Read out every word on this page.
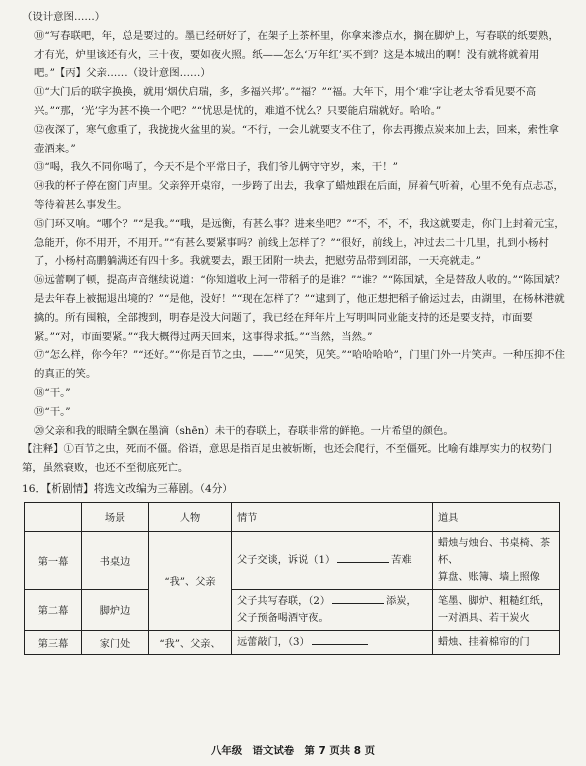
（设计意图……）

⑩“写春联吧，年，总是要过的。墨已经研好了，在架子上茶杯里，你拿来渗点水，搁在脚炉上，写春联的纸要熟，才有光，炉里该还有火，三十夜，要如夜火照。纸——怎么‘万年红’买不到？这是本城出的啊！没有就将就着用吧。”【丙】父亲……（设计意图……）

⑪“大门后的联字换换，就用‘烟伏启瑞，多，多福兴邦’。”“福？”“福。大年下，用个‘难’字让老太爷看见要不高兴。”“那，‘光’字为甚不换一个吧？”“忧思是忧的，难道不忧么？只要能启瑞就好。哈哈。”

⑫夜深了，寒气愈重了，我拢拢火盆里的炭。“不行，一会儿就要支不住了，你去再搬点炭来加上去，回来，索性拿壶酒来。”

⑬“喝，我久不同你喝了，今天不是个平常日子，我们爷儿俩守守岁，来，干！”

⑭我的杯子停在窗门声里。父亲猝开桌帘，一步跨了出去，我拿了蜡烛跟在后面，屏着气听着，心里不免有点忐忑，等待着甚么事发生。

⑮门环又响。“哪个？”“是我。”“哦，是远衡，有甚么事？进来坐吧？”“不，不，不，我这就要走，你门上封着元宝，急能开，你不用开，不用开。”“有甚么要紧事吗？前线上怎样了？”“很好，前线上，冲过去二十几里，扎到小杨村了，小杨村高鹏躺满还有四十多。我就要去，跟王团附一块去，把慰劳品带到团部，一天亮就走。”

⑯远蕾啊了顿，提高声音继续说道：“你知道收上河一带稻子的是谁？”“谁？”“陈国斌，全是替敌人收的。”“陈国斌？是去年春上被掘退出境的？”“是他，没好！”“现在怎样了？”“逮到了，他正想把稻子偷运过去，由湖里，在杨林港就擒的。所有囤粮，全部搜到，明春是没大问题了，我已经在拜年片上写明叫同业能支持的还是要支持，市面要紧。”“对，市面要紧。”“我大概得过两天回来，这事得求抵。”“当然，当然。”

⑰“怎么样，你今年？”“还好。”“你是百节之虫，——”“见笑，见笑。”“哈哈哈哈”，门里门外一片笑声。一种压抑不住的真正的笑。

⑱“干。”

⑲“干。”

⑳父亲和我的眼睛全飘在墨滴（shēn）未干的春联上，春联非常的鲜艳。一片希望的颜色。

【注释】①百节之虫，死而不僵。俗语，意思是指百足虫被斩断，也还会爬行，不至僵死。比喻有雄厚实力的权势门第，虽然衰败，也还不至彻底死亡。

16．【析剧情】将选文改编为三幕剧。（4分）

	场景	人物	情节	道具
第一幕	书桌边	“我”、父亲	父子交谈，诉说（1） 苦难	蜡烛与烛台、书桌椅、茶杯、
算盘、账簿、墙上照像

第二幕	脚炉边		父子共写春联，（2） 添炭，
父子预备喝酒守夜。	笔墨、脚炉、粗糙红纸，
一对酒具、若干炭火

第三幕	家门处	“我”、父亲、	远蕾敲门，（3）	蜡烛、挂着棉帘的门
八年级　语文试卷　第 7 页共 8 页
